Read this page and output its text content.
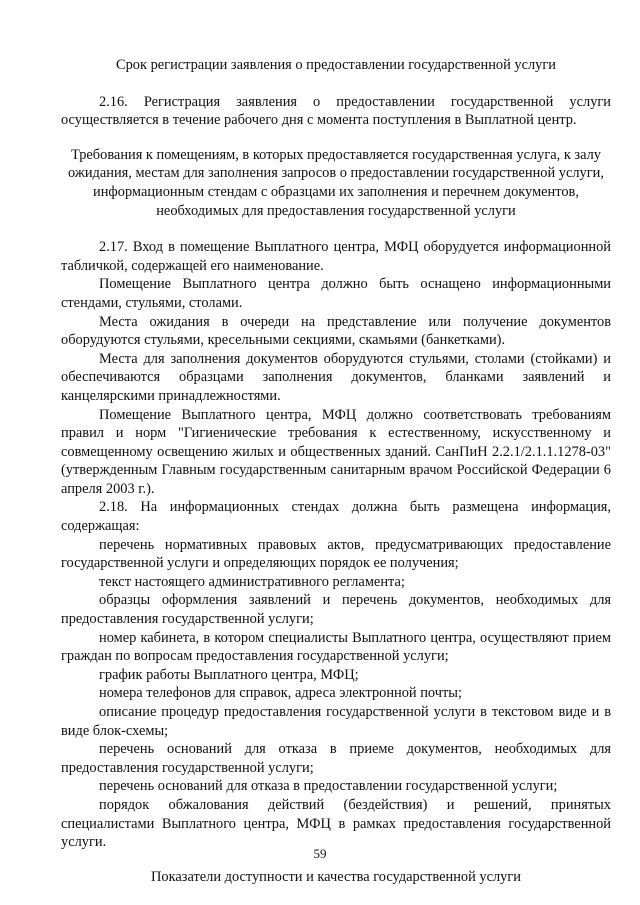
Срок регистрации заявления о предоставлении государственной услуги

2.16. Регистрация заявления о предоставлении государственной услуги осуществляется в течение рабочего дня с момента поступления в Выплатной центр.

Требования к помещениям, в которых предоставляется государственная услуга, к залу ожидания, местам для заполнения запросов о предоставлении государственной услуги, информационным стендам с образцами их заполнения и перечнем документов, необходимых для предоставления государственной услуги

2.17. Вход в помещение Выплатного центра, МФЦ оборудуется информационной табличкой, содержащей его наименование.

Помещение Выплатного центра должно быть оснащено информационными стендами, стульями, столами.

Места ожидания в очереди на представление или получение документов оборудуются стульями, кресельными секциями, скамьями (банкетками).

Места для заполнения документов оборудуются стульями, столами (стойками) и обеспечиваются образцами заполнения документов, бланками заявлений и канцелярскими принадлежностями.

Помещение Выплатного центра, МФЦ должно соответствовать требованиям правил и норм "Гигиенические требования к естественному, искусственному и совмещенному освещению жилых и общественных зданий. СанПиН 2.2.1/2.1.1.1278-03" (утвержденным Главным государственным санитарным врачом Российской Федерации 6 апреля 2003 г.).

2.18. На информационных стендах должна быть размещена информация, содержащая:

перечень нормативных правовых актов, предусматривающих предоставление государственной услуги и определяющих порядок ее получения;

текст настоящего административного регламента;

образцы оформления заявлений и перечень документов, необходимых для предоставления государственной услуги;

номер кабинета, в котором специалисты Выплатного центра, осуществляют прием граждан по вопросам предоставления государственной услуги;

график работы Выплатного центра, МФЦ;

номера телефонов для справок, адреса электронной почты;

описание процедур предоставления государственной услуги в текстовом виде и в виде блок-схемы;

перечень оснований для отказа в приеме документов, необходимых для предоставления государственной услуги;

перечень оснований для отказа в предоставлении государственной услуги;

порядок обжалования действий (бездействия) и решений, принятых специалистами Выплатного центра, МФЦ в рамках предоставления государственной услуги.

Показатели доступности и качества государственной услуги

59
